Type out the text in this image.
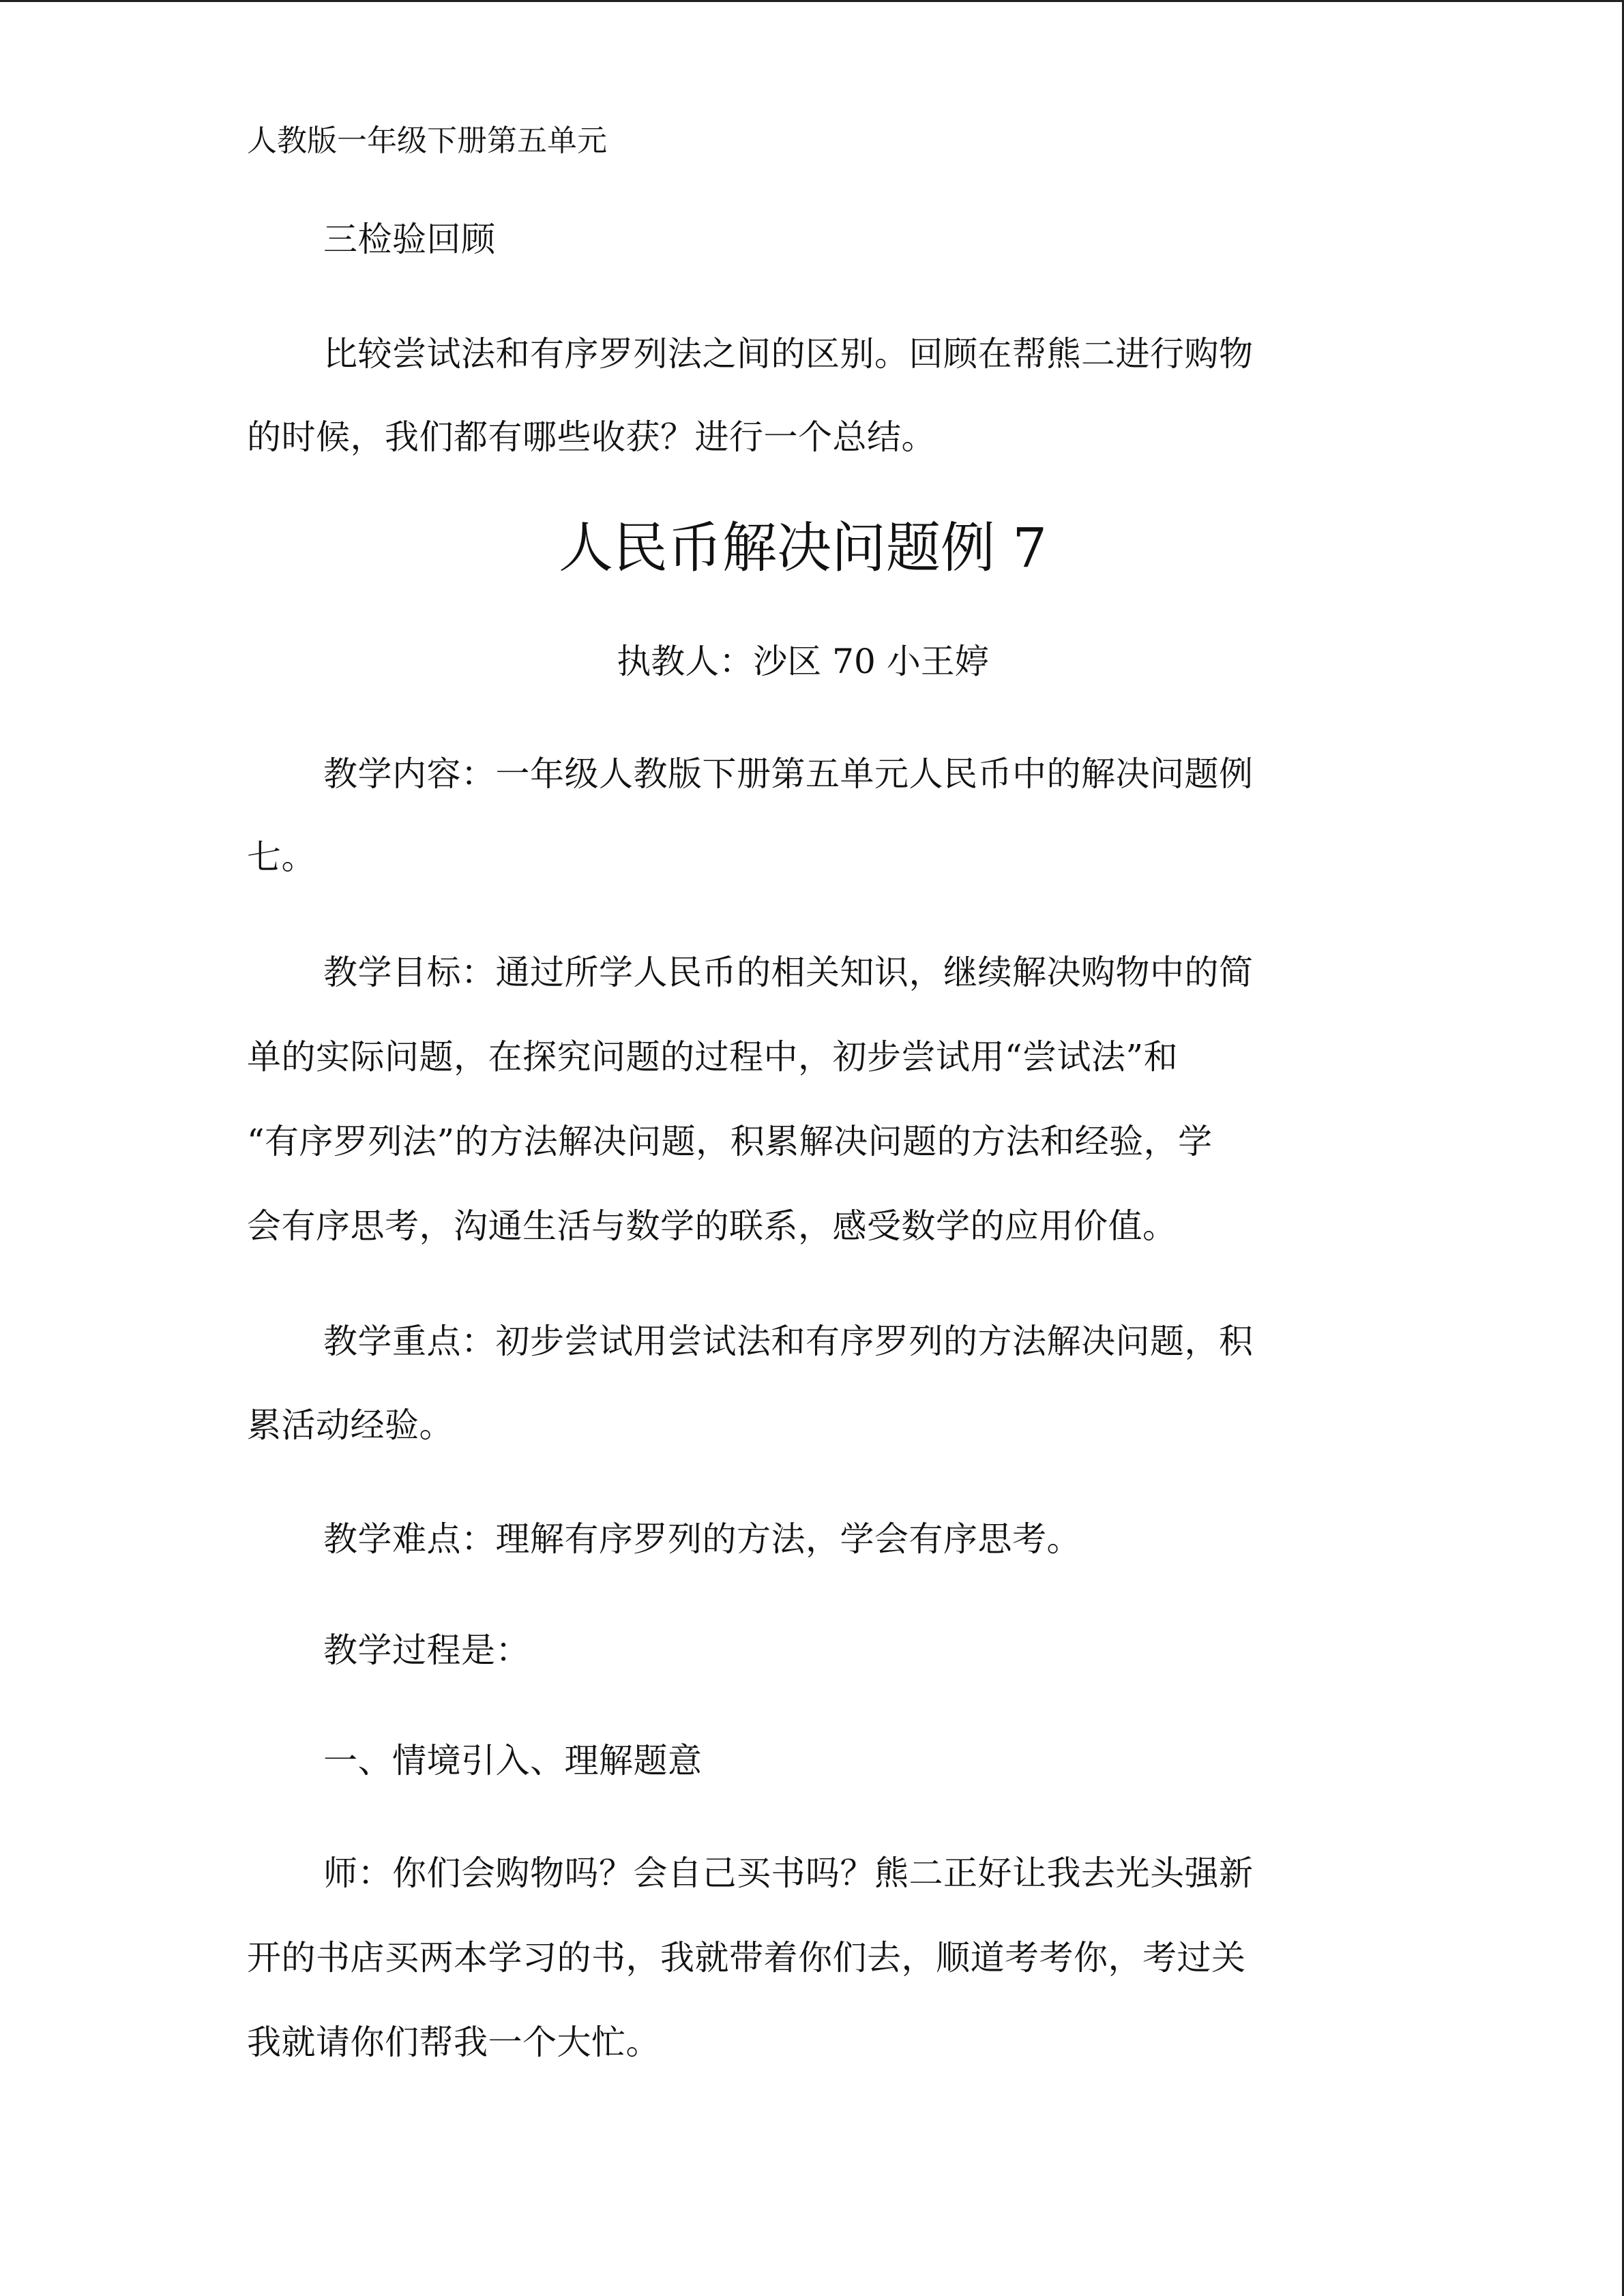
人教版一年级下册第五单元
三检验回顾
比较尝试法和有序罗列法之间的区别。回顾在帮熊二进行购物
的时候，我们都有哪些收获？进行一个总结。
人民币解决问题例 7
执教人：沙区 70 小王婷
教学内容：一年级人教版下册第五单元人民币中的解决问题例
七。
教学目标：通过所学人民币的相关知识，继续解决购物中的简
单的实际问题，在探究问题的过程中，初步尝试用“尝试法”和
“有序罗列法”的方法解决问题，积累解决问题的方法和经验，学
会有序思考，沟通生活与数学的联系，感受数学的应用价值。
教学重点：初步尝试用尝试法和有序罗列的方法解决问题，积
累活动经验。
教学难点：理解有序罗列的方法，学会有序思考。
教学过程是：
一、情境引入、理解题意
师：你们会购物吗？会自己买书吗？熊二正好让我去光头强新
开的书店买两本学习的书，我就带着你们去，顺道考考你，考过关
我就请你们帮我一个大忙。
